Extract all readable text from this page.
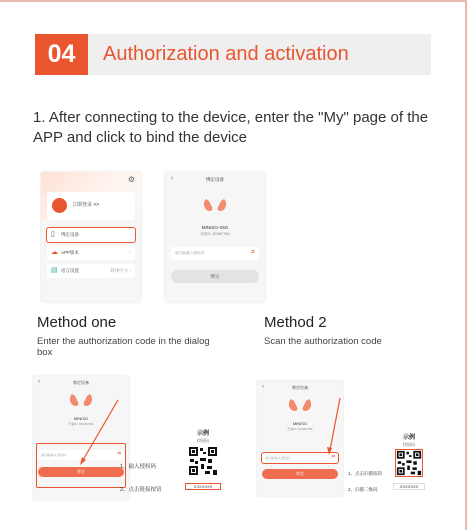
04	Authorization and activation
1. After connecting to the device, enter the "My" page of the APP and click to bind the device
⚙
立即登录 >>
▯ 绑定设备	›
☁ APP版本	›
▤ 语言设置	简体中文 ›
‹	绑定设备
MINISO-X5G
设备ID: 87A8F7BA
请扫描/输入授权码	⌗
绑定
Method one	Method 2
Enter the authorization code in the dialog box
Scan the authorization code
‹	绑定设备
MINISO
设备ID: 87A8F7BA
请扫描/输入授权码	⌗
绑定
‹	绑定设备
MINISO
设备ID: 87A8F7BA
请扫描/输入授权码	⌗
绑定
1、输入授权码
2、点击链接按钮
1、点击扫描按钮
2、扫描二维码
示例
授权码
XXXXXXX
示例
授权码
XXXXXXX
